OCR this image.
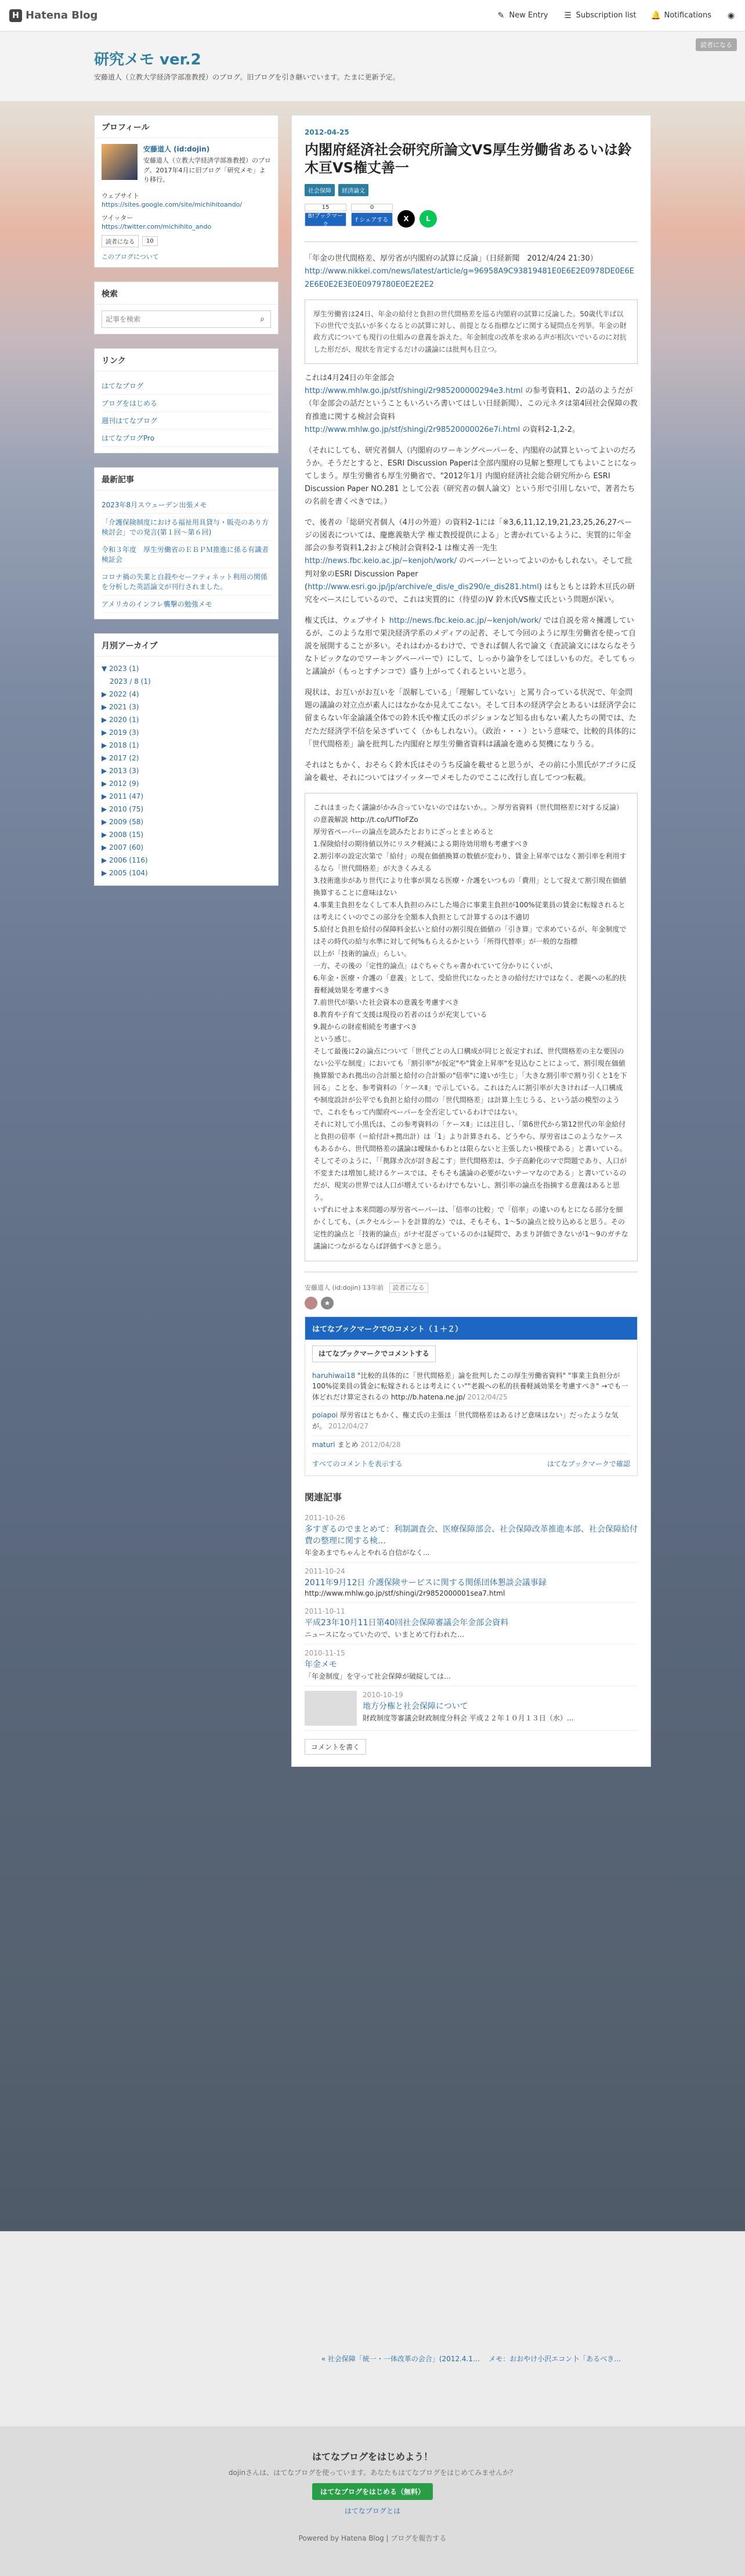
H Hatena Blog	✎ New Entry ☰ Subscription list 🔔 Notifications ◉
研究メモ ver.2
安藤道人（立教大学経済学部准教授）のブログ。旧ブログを引き継いでいます。たまに更新予定。
読者になる
プロフィール
安藤道人 (id:dojin)

安藤道人（立教大学経済学部准教授）のブログ。2017年4月に旧ブログ「研究メモ」より移行。

ウェブサイト

https://sites.google.com/site/michihitoando/

ツイッター

https://twitter.com/michihito_ando
読者になる	10
このブログについて
検索
記事を検索
⌕
リンク
はてなブログ
ブログをはじめる
週刊はてなブログ
はてなブログPro
最新記事
2023年8月スウェーデン出張メモ
「介護保険制度における福祉用具貸与・販売のあり方検討会」での発言(第１回～第６回)
令和３年度　厚生労働省のＥＢＰＭ推進に係る有識者検証会
コロナ禍の失業と自殺やセーフティネット利用の関係を分析した英語論文が刊行されました。
アメリカのインフレ襲撃の勉強メモ
月別アーカイブ
▼ 2023 (1)
2023 / 8 (1)
▶ 2022 (4)
▶ 2021 (3)
▶ 2020 (1)
▶ 2019 (3)
▶ 2018 (1)
▶ 2017 (2)
▶ 2013 (3)
▶ 2012 (9)
▶ 2011 (47)
▶ 2010 (75)
▶ 2009 (58)
▶ 2008 (15)
▶ 2007 (60)
▶ 2006 (116)
▶ 2005 (104)
2012-04-25
内閣府経済社会研究所論文VS厚生労働省あるいは鈴木亘VS権丈善一
社会保障	経済論文
15
B!ブックマーク
0
f シェアする	X	L

「年金の世代間格差、厚労省が内閣府の試算に反論」（日経新聞　2012/4/24 21:30）
http://www.nikkei.com/news/latest/article/g=96958A9C93819481E0E6E2E0978DE0E6E2E6E0E2E3E0E0979780E0E2E2E2

厚生労働省は24日、年金の給付と負担の世代間格差を巡る内閣府の試算に反論した。50歳代半ば以下の世代で支払いが多くなるとの試算に対し、前提となる指標などに関する疑問点を列挙。年金の財政方式についても現行の仕組みの意義を訴えた。年金制度の改革を求める声が相次いでいるのに対抗した形だが、現状を肯定するだけの議論には批判も目立つ。

これは4月24日の年金部会
http://www.mhlw.go.jp/stf/shingi/2r985200000294e3.html の参考資料1、2の話のようだが（年金部会の話だということもいろいろ書いてはしい日経新聞）、この元ネタは第4回社会保障の教育推進に関する検討会資料
http://www.mhlw.go.jp/stf/shingi/2r98520000026e7i.html の資料2-1,2-2。

（それにしても、研究者個人（内閣府のワーキングペーパーを、内閣府の試算といってよいのだろうか。そうだとすると、ESRI Discussion Paperは全部内閣府の見解と整理してもよいことになってしまう。厚生労働省も厚生労働省で、"2012年1月 内閣府経済社会総合研究所から ESRI Discussion Paper NO.281 として公表（研究者の個人論文）という形で引用しないで、著者たちの名前を書くべきでは。）

で、後者の「総研究者個人（4月の外遊）の資料2-1には「※3,6,11,12,19,21,23,25,26,27ページの図表については、慶應義塾大学 権丈教授提供による」と書かれているように、実質的に年金部会の参考資料1,2および検討会資料2-1 は権丈善一先生 http://news.fbc.keio.ac.jp/~kenjoh/work/ のペーパーといってよいのかもしれない。そして批判対象のESRI Discussion Paper (http://www.esri.go.jp/jp/archive/e_dis/e_dis290/e_dis281.html) はもともとは鈴木亘氏の研究をベースにしているので、これは実質的に（待望の)V 鈴木氏VS権丈氏という問題が深い。

権丈氏は、ウェブサイト http://news.fbc.keio.ac.jp/~kenjoh/work/ では自説を常々擁護しているが、このような形で果決経済学系のメディアの記者、そして今回のように厚生労働省を使って自説を展開することが多い。それはわかるわけで、できれば個人名で論文（査読論文にはならなそうなトピックなのでワーキングペーパーで）にして、しっかり論争をしてほしいものだ。そしてもっと議論が（もっとすチンコで）盛り上がってくれるといいと思う。

現状は、お互いがお互いを「誤解している」「理解していない」と罵り合っている状況で、年金問題の議論の対立点が素人にはなかなか見えてこない。そして日本の経済学会とあるいは経済学会に留まらない年金論議全体での鈴木氏や権丈氏のポジションなど知る由もない素人たちの関では、ただただ経済学不信を呆さずいてく（かもしれない）。（政治・・・）という意味で、比較的具体的に「世代間格差」論を批判した内閣府と厚生労働省資料は議論を進める契機になりうる。

それはともかく、おそらく鈴木氏はそのうち反論を載せると思うが、その前に小黒氏がアゴラに反論を載せ、それについてはツイッターでメモしたのでここに改行し直してつつ転載。

これはまったく議論がかみ合っていないのではないか。。＞厚労省資料（世代間格差に対する反論）の意義解説 http://t.co/UfTIoFZo
厚労省ペーパーの論点を読みたとおりにざっとまとめると
1.保険給付の期待値以外にリスク軽減による期待効用増も考慮すべき
2.割引率の設定次第で「給付」の現在価値換算の数値が変わり、賃金上昇率ではなく割引率を利用するなら「世代間格差」が大きくみえる
3.技術進歩があり世代により仕事が異なる医療・介護をいつもの「費用」として捉えて割引現在価値換算することに意味はない
4.事業主負担をなくして本人負担のみにした場合に事業主負担が100%従業員の賃金に転嫁されるとは考えにくいのでこの部分を全額本人負担として計算するのは不適切
5.給付と負担を給付の保障料金払いと給付の割引現在価値の「引き算」で求めているが、年金制度ではその時代の給与水準に対して何%もらえるかという「所得代替率」が一般的な指標
以上が「技術的論点」らしい。
一方、その後の「定性的論点」はぐちゃぐちゃ書かれていて分かりにくいが、
6.年金・医療・介護の「意義」として、受給世代になったときの給付だけではなく、老親への私的扶養軽減効果を考慮すべき
7.前世代が築いた社会資本の意義を考慮すべき
8.教育や子育て支援は現役の若者のほうが充実している
9.親からの財産相続を考慮すべき
という感じ。
そして最後に2の論点について「世代ごとの人口構成が同じと仮定すれば、世代間格差の主な要因のない公平な制度」においても「割引率"が仮定"や"賃金上昇率"を見込むことによって、割引現在価値換算額であれ拠出の合計額と給付の合計額の"倍率"に違いが生じ」「大きな割引率で割り引くと1を下回る」ことを、参考資料の「ケースⅡ」で示している。これはたんに割引率が大きければ一人口構成や制度設計が公平でも負担と給付の間の「世代間格差」は計算上生じうる、という話の模型のようで、これをもって内閣府ペーパーを全否定しているわけではない。
それに対して小黒氏は、この参考資料の「ケースⅡ」には注目し、「第6世代から第12世代の年金給付と負担の倍率（＝給付計÷拠出計）は「1」より計算される、どうやら、厚労省はこのようなケースもあるから、世代間格差の議論は曖昧かもわとは限らないと主張したい模様である」と書いている。そしてそのように、「「拠隊カ次が討き起こす」世代間格差は、少子高齢化のマで問題であり、人口が不変または増加し続けるケースでは、そもそも議論の必要がないテーマなのである」と書いているのだが、現実の世界では人口が増えているわけでもないし、割引率の論点を指摘する意義はあると思う。
いずれにせよ本来問題の厚労省ペーパーは、「倍率の比較」で「倍率」の違いのもとになる部分を細かくしても、（エクセルシートを計算的な）では、そもそも、1～5の論点と絞り込めると思う。その定性的論点と「技術的論点」がナゼ混ざっているのかは疑問で、あまり評価できないが1～9のガチな議論につながるならば評価すべきと思う。
安藤道人 (id:dojin) 13年前 読者になる
★
はてなブックマークでのコメント（１＋２）
はてなブックマークでコメントする
haruhiwai18 "比較的具体的に「世代間格差」論を批判したこの厚生労働省資料" "事業主負担分が100%従業員の賃金に転嫁されるとは考えにくい""老親への私的扶養軽減効果を考慮すべき" →でも一体どれだけ算定されるの http://b.hatena.ne.jp/ 2012/04/25
poiapoi 厚労省はともかく、権丈氏の主張は「世代間格差はあるけど意味はない」だったような気が。 2012/04/27
maturi まとめ 2012/04/28
すべてのコメントを表示する	はてなブックマークで確認
関連記事
2011-10-26
多すぎるのでまとめて：利制調査会、医療保障部会、社会保障改革推進本部、社会保障給付費の整理に関する検…
年金あまでちゃんとやれる自信がなく...
2011-10-24
2011年9月12日 介護保険サービスに関する関係団体懇談会議事録
http://www.mhlw.go.jp/stf/shingi/2r9852000001sea7.html
2011-10-11
平成23年10月11日第40回社会保障審議会年金部会資料
ニュースになっていたので、いまとめて行われた…
2010-11-15
年金メモ
「年金制度」を守って社会保障が破綻しては…
2010-10-19
地方分権と社会保障について
財政制度等審議会財政制度分科会 平成２２年１０月１３日（水）…
コメントを書く
« 社会保障「統一・一体改革の会合」(2012.4.1… メモ：おおやけ小沢エコン卜「あるべき…
はてなブログをはじめよう！
dojinさんは、はてなブログを使っています。あなたもはてなブログをはじめてみませんか？
はてなブログをはじめる（無料）
はてなブログとは
Powered by Hatena Blog | ブログを報告する
